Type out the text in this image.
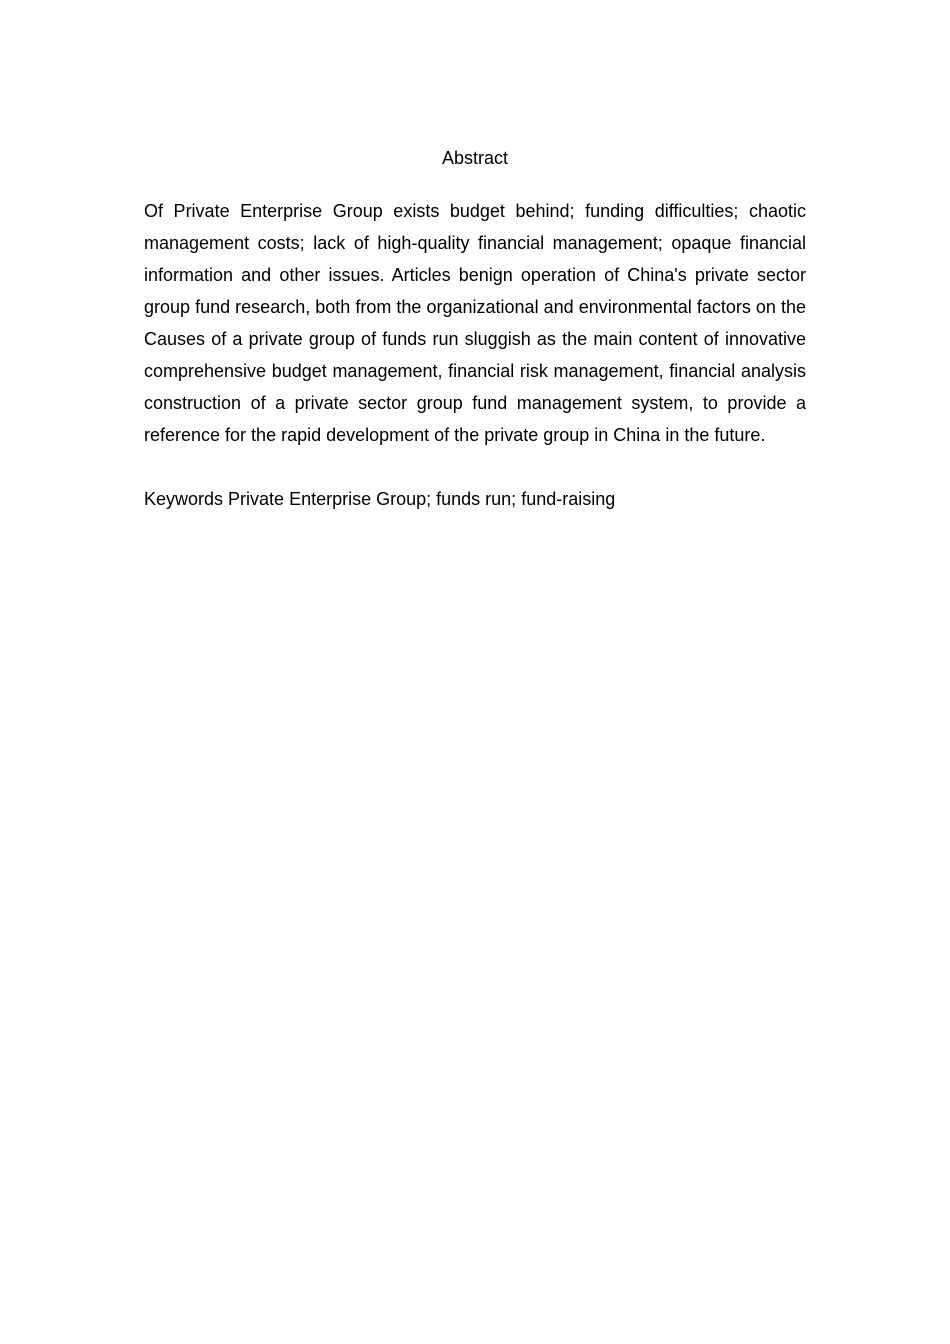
Abstract

Of Private Enterprise Group exists budget behind; funding difficulties; chaotic management costs; lack of high-quality financial management; opaque financial information and other issues. Articles benign operation of China's private sector group fund research, both from the organizational and environmental factors on the Causes of a private group of funds run sluggish as the main content of innovative comprehensive budget management, financial risk management, financial analysis construction of a private sector group fund management system, to provide a reference for the rapid development of the private group in China in the future.

Keywords Private Enterprise Group; funds run; fund-raising
